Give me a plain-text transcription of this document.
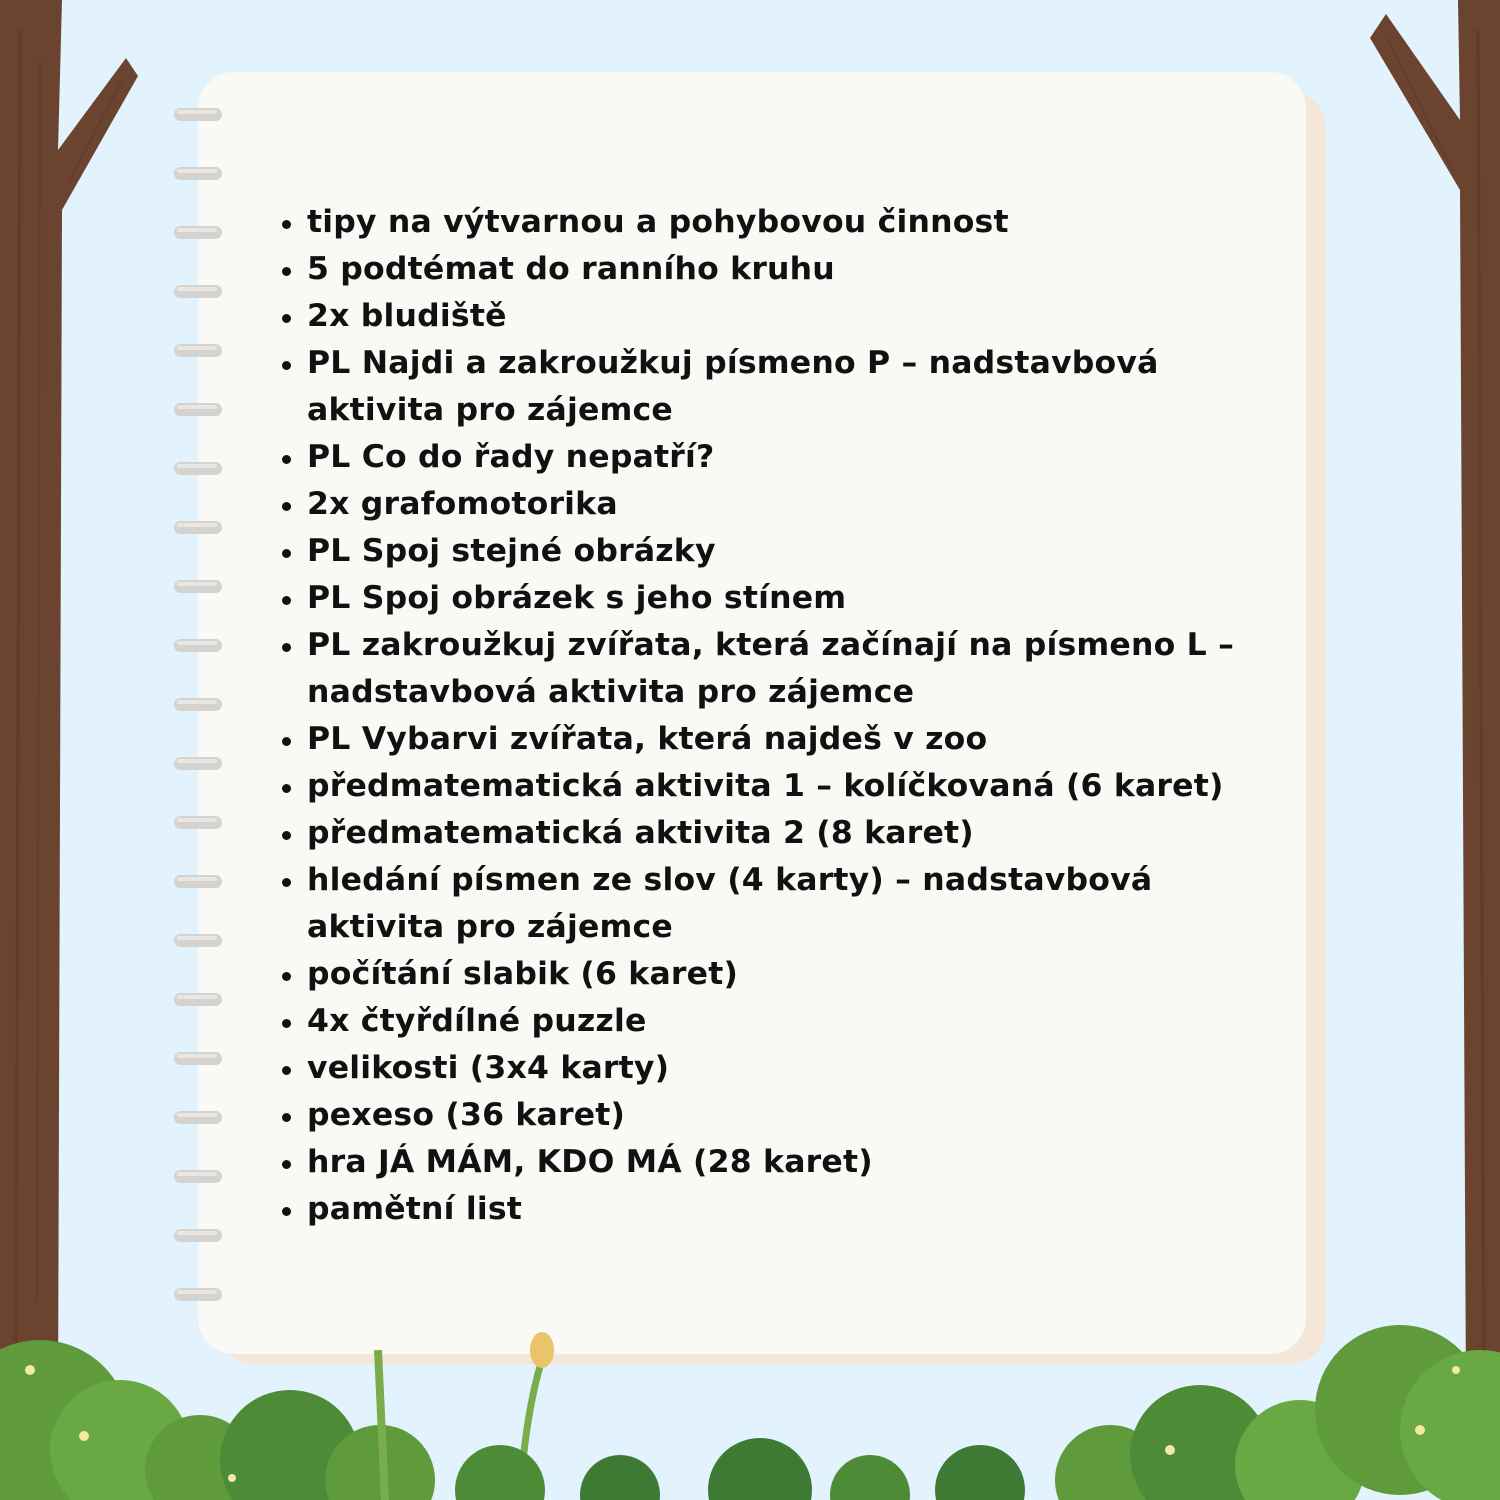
tipy na výtvarnou a pohybovou činnost
5 podtémat do ranního kruhu
2x bludiště
PL Najdi a zakroužkuj písmeno P – nadstavbová aktivita pro zájemce
PL Co do řady nepatří?
2x grafomotorika
PL Spoj stejné obrázky
PL Spoj obrázek s jeho stínem
PL zakroužkuj zvířata, která začínají na písmeno L – nadstavbová aktivita pro zájemce
PL Vybarvi zvířata, která najdeš v zoo
předmatematická aktivita 1 – kolíčkovaná (6 karet)
předmatematická aktivita 2 (8 karet)
hledání písmen ze slov (4 karty) – nadstavbová aktivita pro zájemce
počítání slabik (6 karet)
4x čtyřdílné puzzle
velikosti (3x4 karty)
pexeso (36 karet)
hra JÁ MÁM, KDO MÁ (28 karet)
pamětní list
